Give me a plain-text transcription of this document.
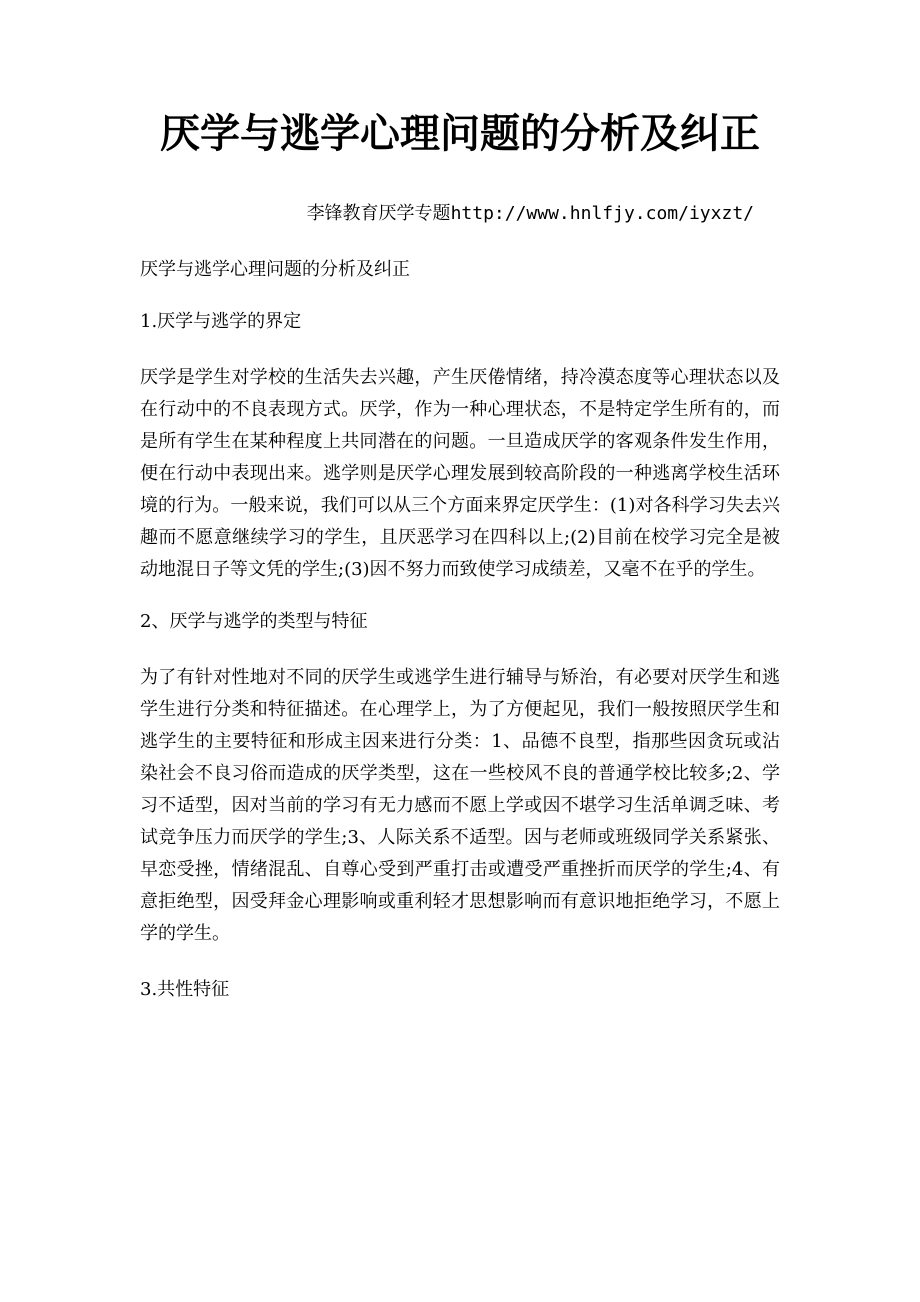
厌学与逃学心理问题的分析及纠正
李锋教育厌学专题http://www.hnlfjy.com/iyxzt/

厌学与逃学心理问题的分析及纠正

1.厌学与逃学的界定

厌学是学生对学校的生活失去兴趣，产生厌倦情绪，持冷漠态度等心理状态以及在行动中的不良表现方式。厌学，作为一种心理状态，不是特定学生所有的，而是所有学生在某种程度上共同潜在的问题。一旦造成厌学的客观条件发生作用，便在行动中表现出来。逃学则是厌学心理发展到较高阶段的一种逃离学校生活环境的行为。一般来说，我们可以从三个方面来界定厌学生：(1)对各科学习失去兴趣而不愿意继续学习的学生，且厌恶学习在四科以上;(2)目前在校学习完全是被动地混日子等文凭的学生;(3)因不努力而致使学习成绩差，又毫不在乎的学生。

2、厌学与逃学的类型与特征

为了有针对性地对不同的厌学生或逃学生进行辅导与矫治，有必要对厌学生和逃学生进行分类和特征描述。在心理学上，为了方便起见，我们一般按照厌学生和逃学生的主要特征和形成主因来进行分类：1、品德不良型，指那些因贪玩或沾染社会不良习俗而造成的厌学类型，这在一些校风不良的普通学校比较多;2、学习不适型，因对当前的学习有无力感而不愿上学或因不堪学习生活单调乏味、考试竞争压力而厌学的学生;3、人际关系不适型。因与老师或班级同学关系紧张、早恋受挫，情绪混乱、自尊心受到严重打击或遭受严重挫折而厌学的学生;4、有意拒绝型，因受拜金心理影响或重利轻才思想影响而有意识地拒绝学习，不愿上学的学生。

3.共性特征
